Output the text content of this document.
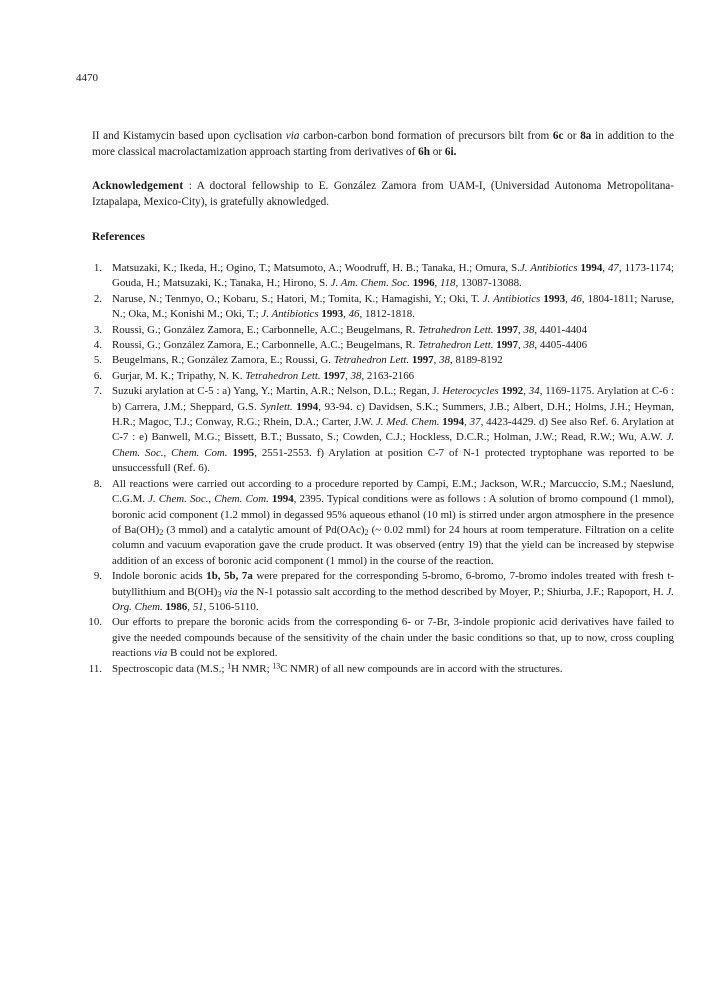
4470

II and Kistamycin based upon cyclisation via carbon-carbon bond formation of precursors bilt from 6c or 8a in addition to the more classical macrolactamization approach starting from derivatives of 6h or 6i.

Acknowledgement : A doctoral fellowship to E. González Zamora from UAM-I, (Universidad Autonoma Metropolitana-Iztapalapa, Mexico-City), is gratefully aknowledged.

References
1. Matsuzaki, K.; Ikeda, H.; Ogino, T.; Matsumoto, A.; Woodruff, H. B.; Tanaka, H.; Omura, S.J. Antibiotics 1994, 47, 1173-1174; Gouda, H.; Matsuzaki, K.; Tanaka, H.; Hirono, S. J. Am. Chem. Soc. 1996, 118, 13087-13088.
2. Naruse, N.; Tenmyo, O.; Kobaru, S.; Hatori, M.; Tomita, K.; Hamagishi, Y.; Oki, T. J. Antibiotics 1993, 46, 1804-1811; Naruse, N.; Oka, M.; Konishi M.; Oki, T.; J. Antibiotics 1993, 46, 1812-1818.
3. Roussi, G.; González Zamora, E.; Carbonnelle, A.C.; Beugelmans, R. Tetrahedron Lett. 1997, 38, 4401-4404
4. Roussi, G.; González Zamora, E.; Carbonnelle, A.C.; Beugelmans, R. Tetrahedron Lett. 1997, 38, 4405-4406
5. Beugelmans, R.; González Zamora, E.; Roussi, G. Tetrahedron Lett. 1997, 38, 8189-8192
6. Gurjar, M. K.; Tripathy, N. K. Tetrahedron Lett. 1997, 38, 2163-2166
7. Suzuki arylation at C-5 : a) Yang, Y.; Martin, A.R.; Nelson, D.L.; Regan, J. Heterocycles 1992, 34, 1169-1175. Arylation at C-6 : b) Carrera, J.M.; Sheppard, G.S. Synlett. 1994, 93-94. c) Davidsen, S.K.; Summers, J.B.; Albert, D.H.; Holms, J.H.; Heyman, H.R.; Magoc, T.J.; Conway, R.G.; Rhein, D.A.; Carter, J.W. J. Med. Chem. 1994, 37, 4423-4429. d) See also Ref. 6. Arylation at C-7 : e) Banwell, M.G.; Bissett, B.T.; Bussato, S.; Cowden, C.J.; Hockless, D.C.R.; Holman, J.W.; Read, R.W.; Wu, A.W. J. Chem. Soc., Chem. Com. 1995, 2551-2553. f) Arylation at position C-7 of N-1 protected tryptophane was reported to be unsuccessfull (Ref. 6).
8. All reactions were carried out according to a procedure reported by Campi, E.M.; Jackson, W.R.; Marcuccio, S.M.; Naeslund, C.G.M. J. Chem. Soc., Chem. Com. 1994, 2395. Typical conditions were as follows : A solution of bromo compound (1 mmol), boronic acid component (1.2 mmol) in degassed 95% aqueous ethanol (10 ml) is stirred under argon atmosphere in the presence of $Ba(OH)_2$ (3 mmol) and a catalytic amount of $Pd(OAc)_2$ (~ 0.02 mml) for 24 hours at room temperature. Filtration on a celite column and vacuum evaporation gave the crude product. It was observed (entry 19) that the yield can be increased by stepwise addition of an excess of boronic acid component (1 mmol) in the course of the reaction.
9. Indole boronic acids 1b, 5b, 7a were prepared for the corresponding 5-bromo, 6-bromo, 7-bromo indoles treated with fresh t-butyllithium and $B(OH)_3$ via the N-1 potassio salt according to the method described by Moyer, P.; Shiurba, J.F.; Rapoport, H. J. Org. Chem. 1986, 51, 5106-5110.
10. Our efforts to prepare the boronic acids from the corresponding 6- or 7-Br, 3-indole propionic acid derivatives have failed to give the needed compounds because of the sensitivity of the chain under the basic conditions so that, up to now, cross coupling reactions via B could not be explored.
11. Spectroscopic data (M.S.; $^1$H NMR; $^{13}$C NMR) of all new compounds are in accord with the structures.
